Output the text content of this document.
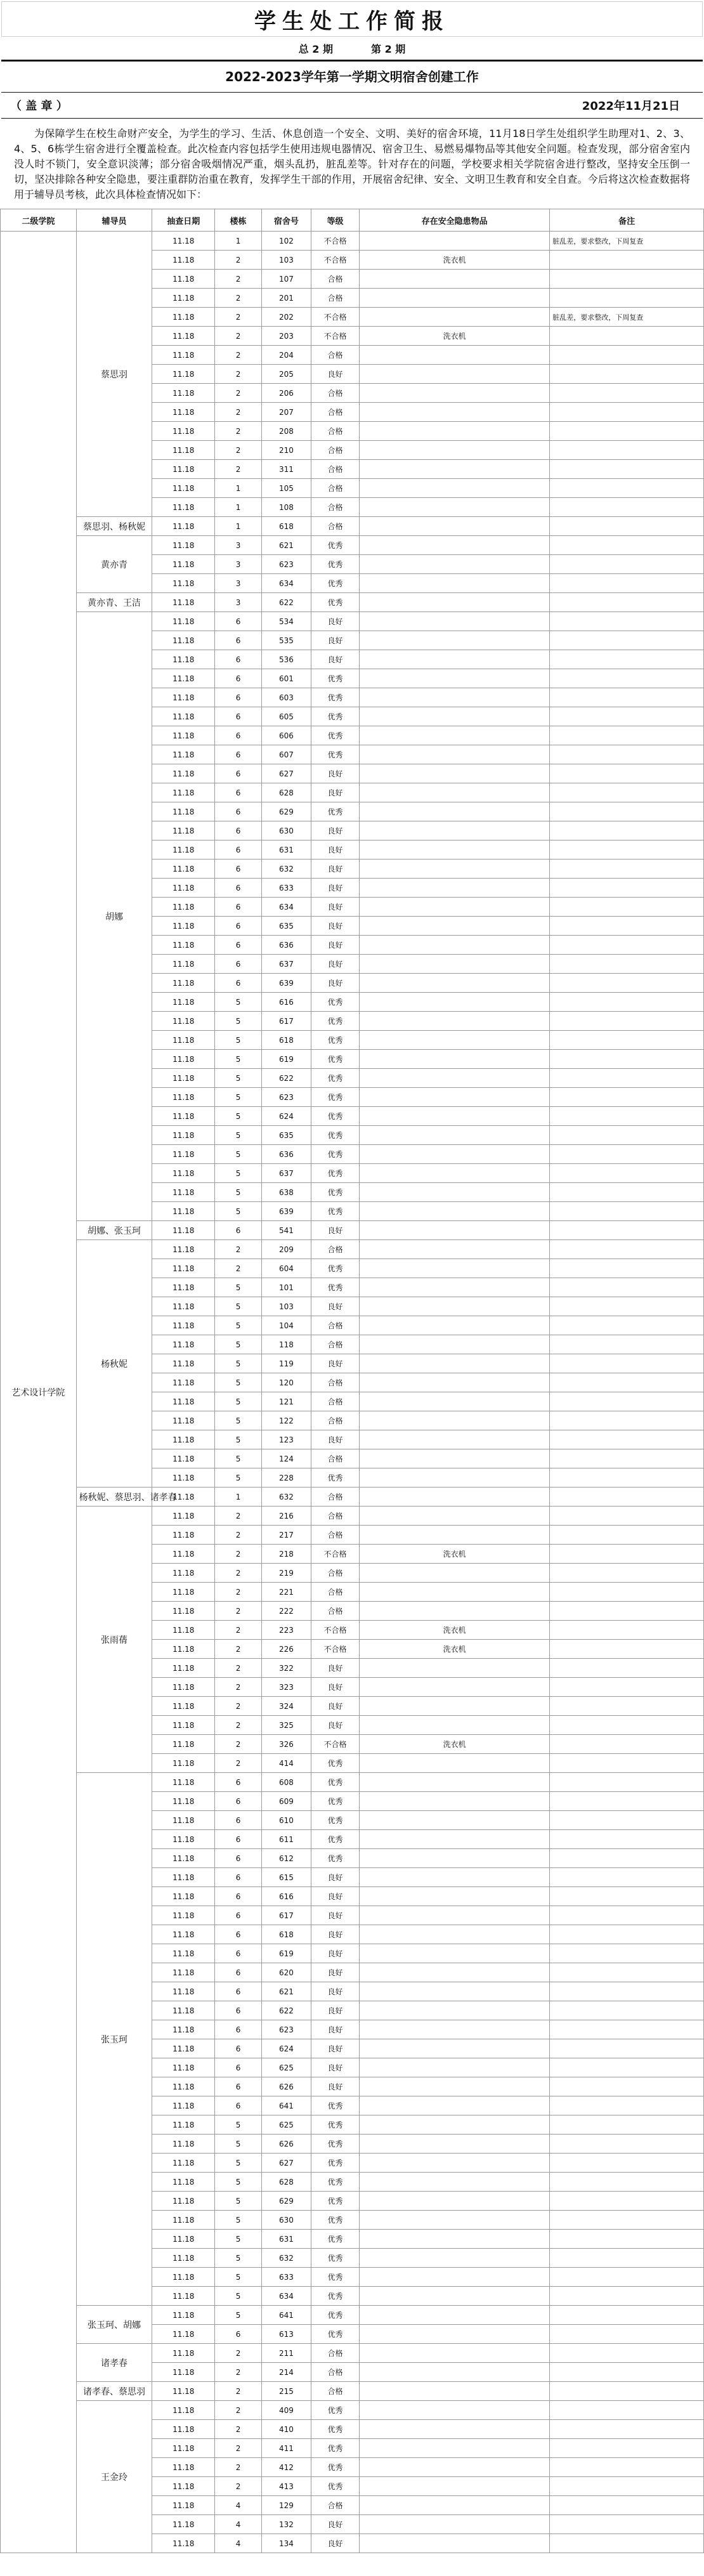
学生处工作简报
总 2 期	第 2 期
2022-2023学年第一学期文明宿舍创建工作
（ 盖 章 ）	2022年11月21日

为保障学生在校生命财产安全，为学生的学习、生活、休息创造一个安全、文明、美好的宿舍环境，11月18日学生处组织学生助理对1、2、3、4、5、6栋学生宿舍进行全覆盖检查。此次检查内容包括学生使用违规电器情况、宿舍卫生、易燃易爆物品等其他安全问题。检查发现，部分宿舍室内没人时不锁门，安全意识淡薄；部分宿舍吸烟情况严重，烟头乱扔，脏乱差等。针对存在的问题，学校要求相关学院宿舍进行整改，坚持安全压倒一切，坚决排除各种安全隐患，要注重群防治重在教育，发挥学生干部的作用，开展宿舍纪律、安全、文明卫生教育和安全自查。今后将这次检查数据将用于辅导员考核，此次具体检查情况如下：

二级学院	辅导员	抽查日期	楼栋	宿舍号	等级	存在安全隐患物品	备注
艺术设计学院	蔡思羽	11.18	1	102	不合格		脏乱差，要求整改，下周复查
		11.18	2	103	不合格	洗衣机	
		11.18	2	107	合格		
		11.18	2	201	合格		
		11.18	2	202	不合格		脏乱差，要求整改，下周复查
		11.18	2	203	不合格	洗衣机	
		11.18	2	204	合格		
		11.18	2	205	良好		
		11.18	2	206	合格		
		11.18	2	207	合格		
		11.18	2	208	合格		
		11.18	2	210	合格		
		11.18	2	311	合格		
		11.18	1	105	合格		
		11.18	1	108	合格		
	蔡思羽、杨秋妮	11.18	1	618	合格		
	黄亦青	11.18	3	621	优秀		
		11.18	3	623	优秀		
		11.18	3	634	优秀		
	黄亦青、王洁	11.18	3	622	优秀		
	胡娜	11.18	6	534	良好		
		11.18	6	535	良好		
		11.18	6	536	良好		
		11.18	6	601	优秀		
		11.18	6	603	优秀		
		11.18	6	605	优秀		
		11.18	6	606	优秀		
		11.18	6	607	优秀		
		11.18	6	627	良好		
		11.18	6	628	良好		
		11.18	6	629	优秀		
		11.18	6	630	良好		
		11.18	6	631	良好		
		11.18	6	632	良好		
		11.18	6	633	良好		
		11.18	6	634	良好		
		11.18	6	635	良好		
		11.18	6	636	良好		
		11.18	6	637	良好		
		11.18	6	639	良好		
		11.18	5	616	优秀		
		11.18	5	617	优秀		
		11.18	5	618	优秀		
		11.18	5	619	优秀		
		11.18	5	622	优秀		
		11.18	5	623	优秀		
		11.18	5	624	优秀		
		11.18	5	635	优秀		
		11.18	5	636	优秀		
		11.18	5	637	优秀		
		11.18	5	638	优秀		
		11.18	5	639	优秀		
	胡娜、张玉珂	11.18	6	541	良好		
	杨秋妮	11.18	2	209	合格		
		11.18	2	604	优秀		
		11.18	5	101	优秀		
		11.18	5	103	良好		
		11.18	5	104	合格		
		11.18	5	118	合格		
		11.18	5	119	良好		
		11.18	5	120	合格		
		11.18	5	121	合格		
		11.18	5	122	合格		
		11.18	5	123	良好		
		11.18	5	124	合格		
		11.18	5	228	优秀		
	杨秋妮、蔡思羽、诸孝春	11.18	1	632	合格		
	张雨蒨	11.18	2	216	合格		
		11.18	2	217	合格		
		11.18	2	218	不合格	洗衣机	
		11.18	2	219	合格		
		11.18	2	221	合格		
		11.18	2	222	合格		
		11.18	2	223	不合格	洗衣机	
		11.18	2	226	不合格	洗衣机	
		11.18	2	322	良好		
		11.18	2	323	良好		
		11.18	2	324	良好		
		11.18	2	325	良好		
		11.18	2	326	不合格	洗衣机	
		11.18	2	414	优秀		
	张玉珂	11.18	6	608	优秀		
		11.18	6	609	优秀		
		11.18	6	610	优秀		
		11.18	6	611	优秀		
		11.18	6	612	优秀		
		11.18	6	615	良好		
		11.18	6	616	良好		
		11.18	6	617	良好		
		11.18	6	618	良好		
		11.18	6	619	良好		
		11.18	6	620	良好		
		11.18	6	621	良好		
		11.18	6	622	良好		
		11.18	6	623	良好		
		11.18	6	624	良好		
		11.18	6	625	良好		
		11.18	6	626	良好		
		11.18	6	641	优秀		
		11.18	5	625	优秀		
		11.18	5	626	优秀		
		11.18	5	627	优秀		
		11.18	5	628	优秀		
		11.18	5	629	优秀		
		11.18	5	630	优秀		
		11.18	5	631	优秀		
		11.18	5	632	优秀		
		11.18	5	633	优秀		
		11.18	5	634	优秀		
	张玉珂、胡娜	11.18	5	641	优秀		
		11.18	6	613	优秀		
	诸孝春	11.18	2	211	合格		
		11.18	2	214	合格		
	诸孝春、蔡思羽	11.18	2	215	合格		
	王金玲	11.18	2	409	优秀		
		11.18	2	410	优秀		
		11.18	2	411	优秀		
		11.18	2	412	优秀		
		11.18	2	413	优秀		
		11.18	4	129	合格		
		11.18	4	132	良好		
		11.18	4	134	良好		
